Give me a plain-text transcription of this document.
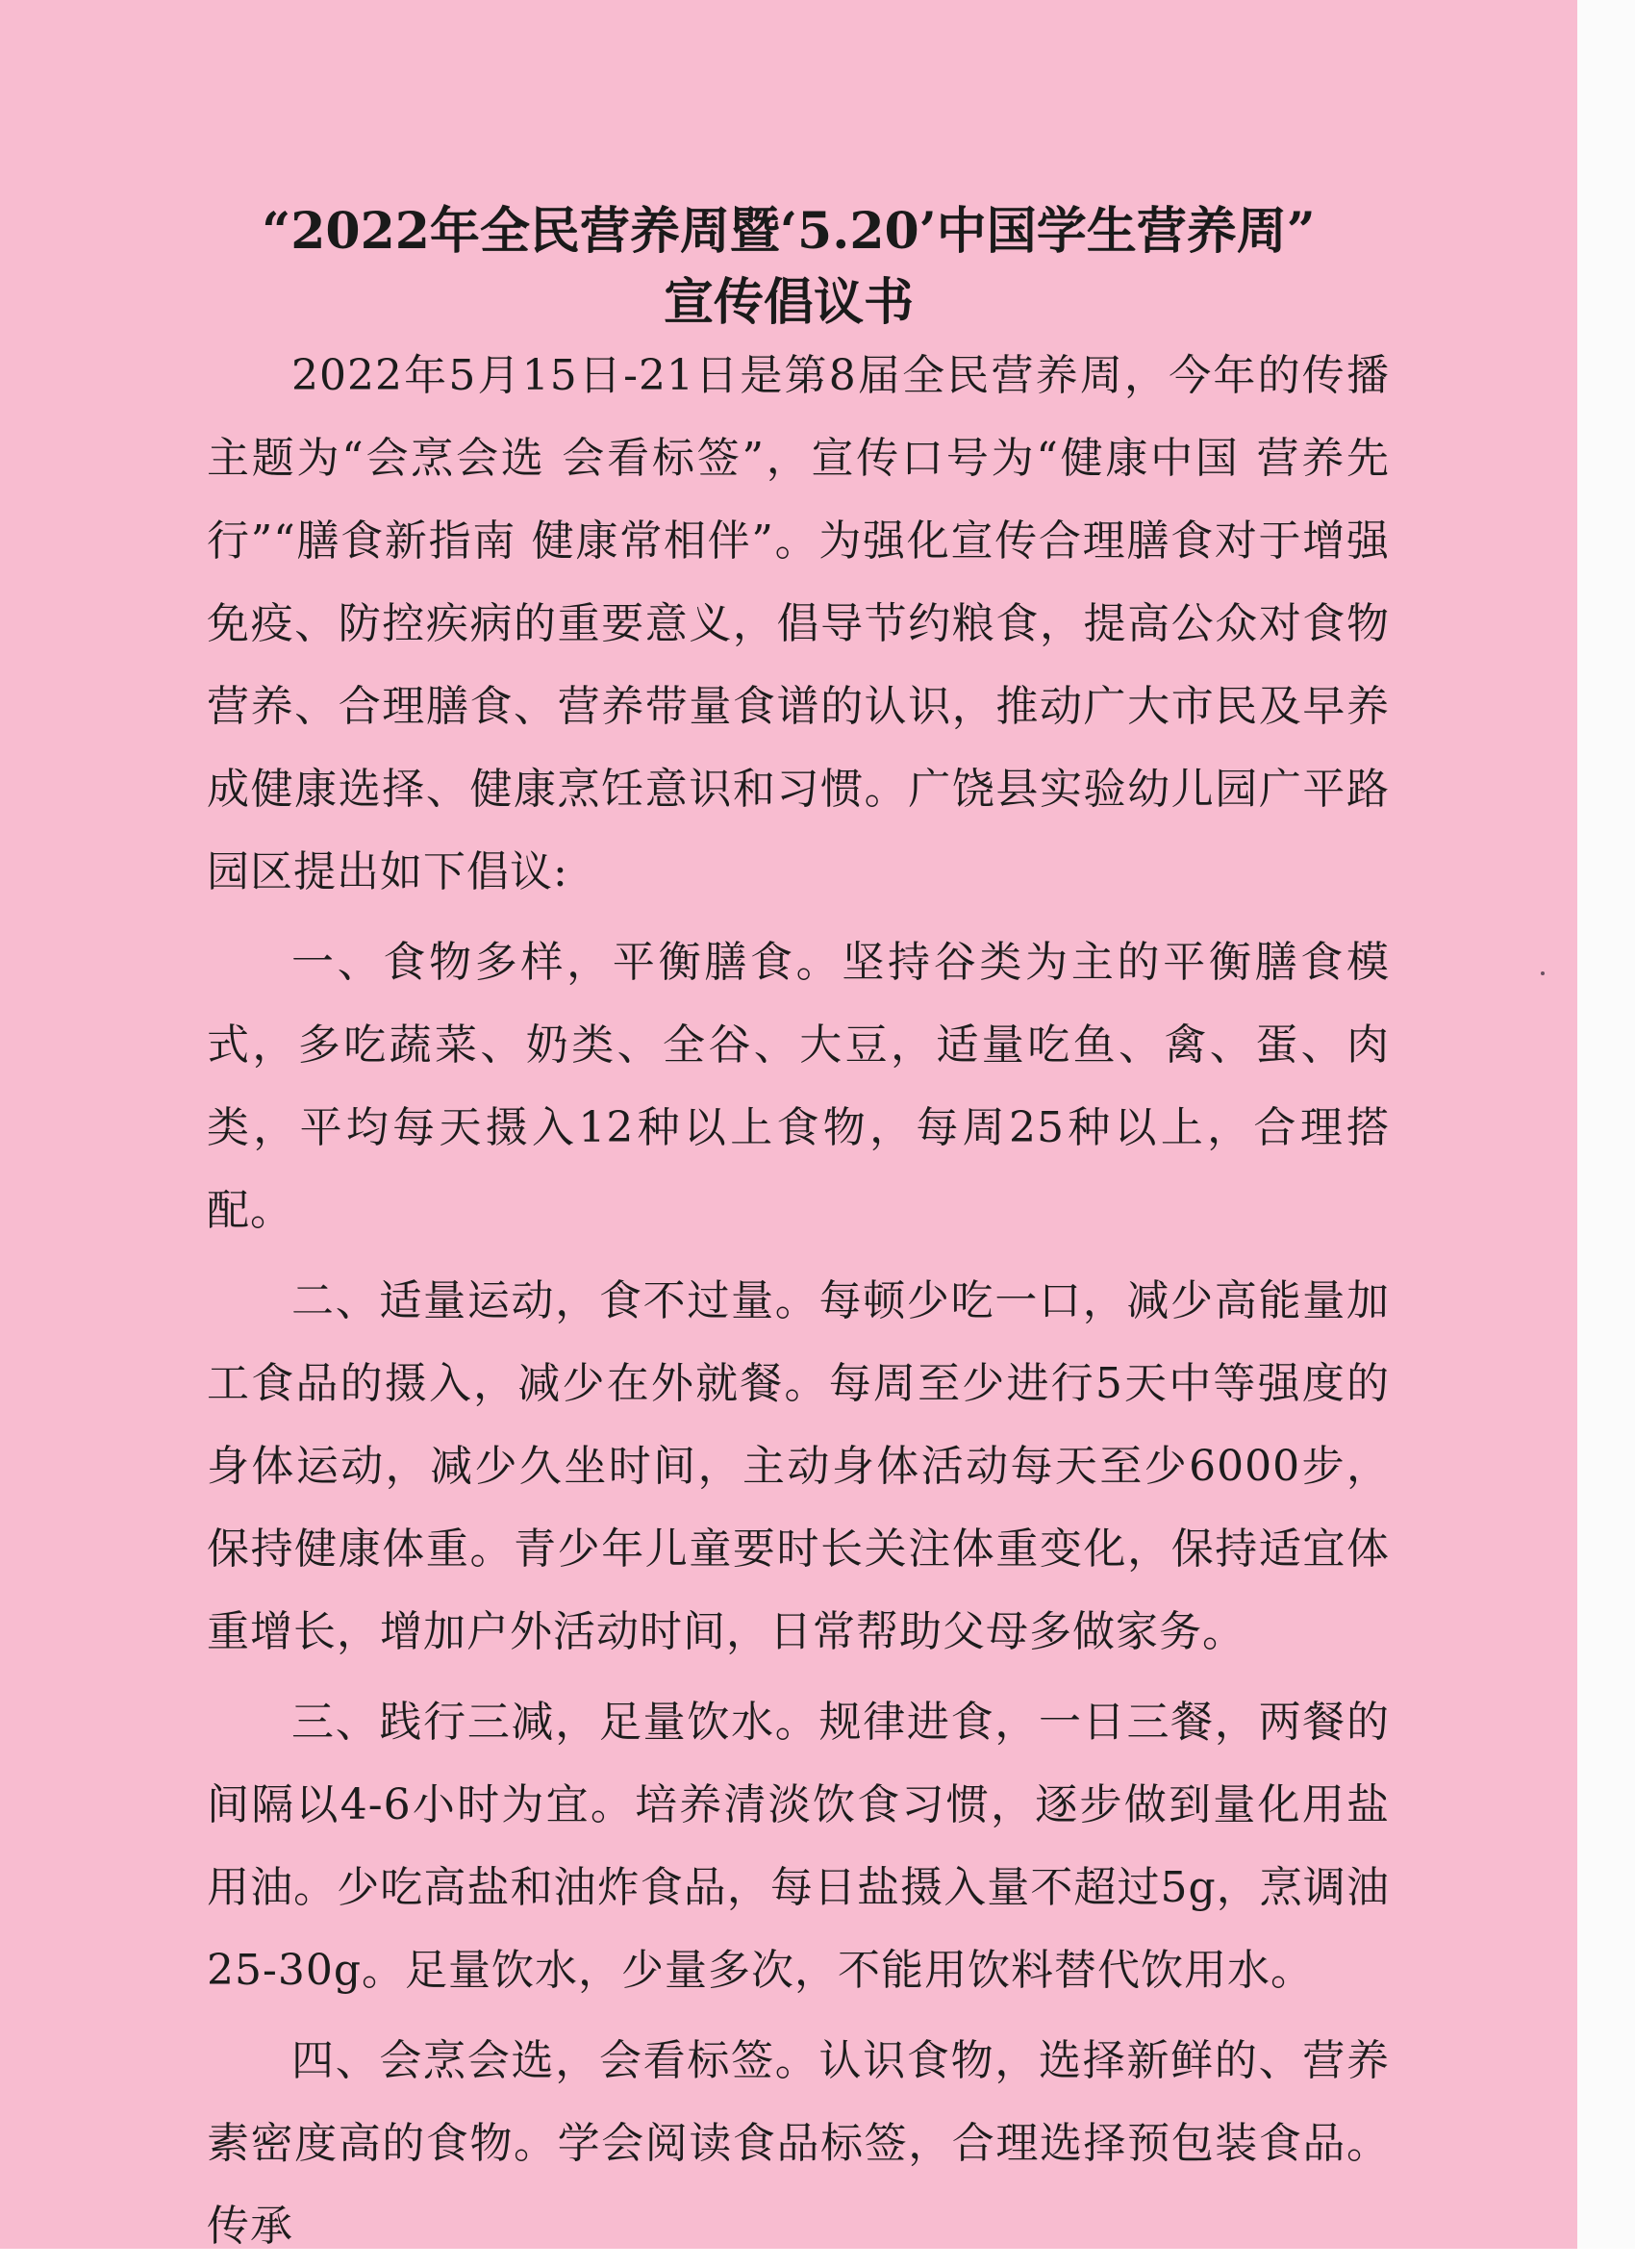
“2022年全民营养周暨‘5.20’中国学生营养周”
宣传倡议书

2022年5月15日-21日是第8届全民营养周，今年的传播主题为“会烹会选 会看标签”，宣传口号为“健康中国 营养先行”“膳食新指南 健康常相伴”。为强化宣传合理膳食对于增强免疫、防控疾病的重要意义，倡导节约粮食，提高公众对食物营养、合理膳食、营养带量食谱的认识，推动广大市民及早养成健康选择、健康烹饪意识和习惯。广饶县实验幼儿园广平路园区提出如下倡议:

一、食物多样，平衡膳食。坚持谷类为主的平衡膳食模式，多吃蔬菜、奶类、全谷、大豆，适量吃鱼、禽、蛋、肉类，平均每天摄入12种以上食物，每周25种以上，合理搭配。

二、适量运动，食不过量。每顿少吃一口，减少高能量加工食品的摄入，减少在外就餐。每周至少进行5天中等强度的身体运动，减少久坐时间，主动身体活动每天至少6000步，保持健康体重。青少年儿童要时长关注体重变化，保持适宜体重增长，增加户外活动时间，日常帮助父母多做家务。

三、践行三减，足量饮水。规律进食，一日三餐，两餐的间隔以4-6小时为宜。培养清淡饮食习惯，逐步做到量化用盐用油。少吃高盐和油炸食品，每日盐摄入量不超过5g，烹调油25-30g。足量饮水，少量多次，不能用饮料替代饮用水。

四、会烹会选，会看标签。认识食物，选择新鲜的、营养素密度高的食物。学会阅读食品标签，合理选择预包装食品。传承
